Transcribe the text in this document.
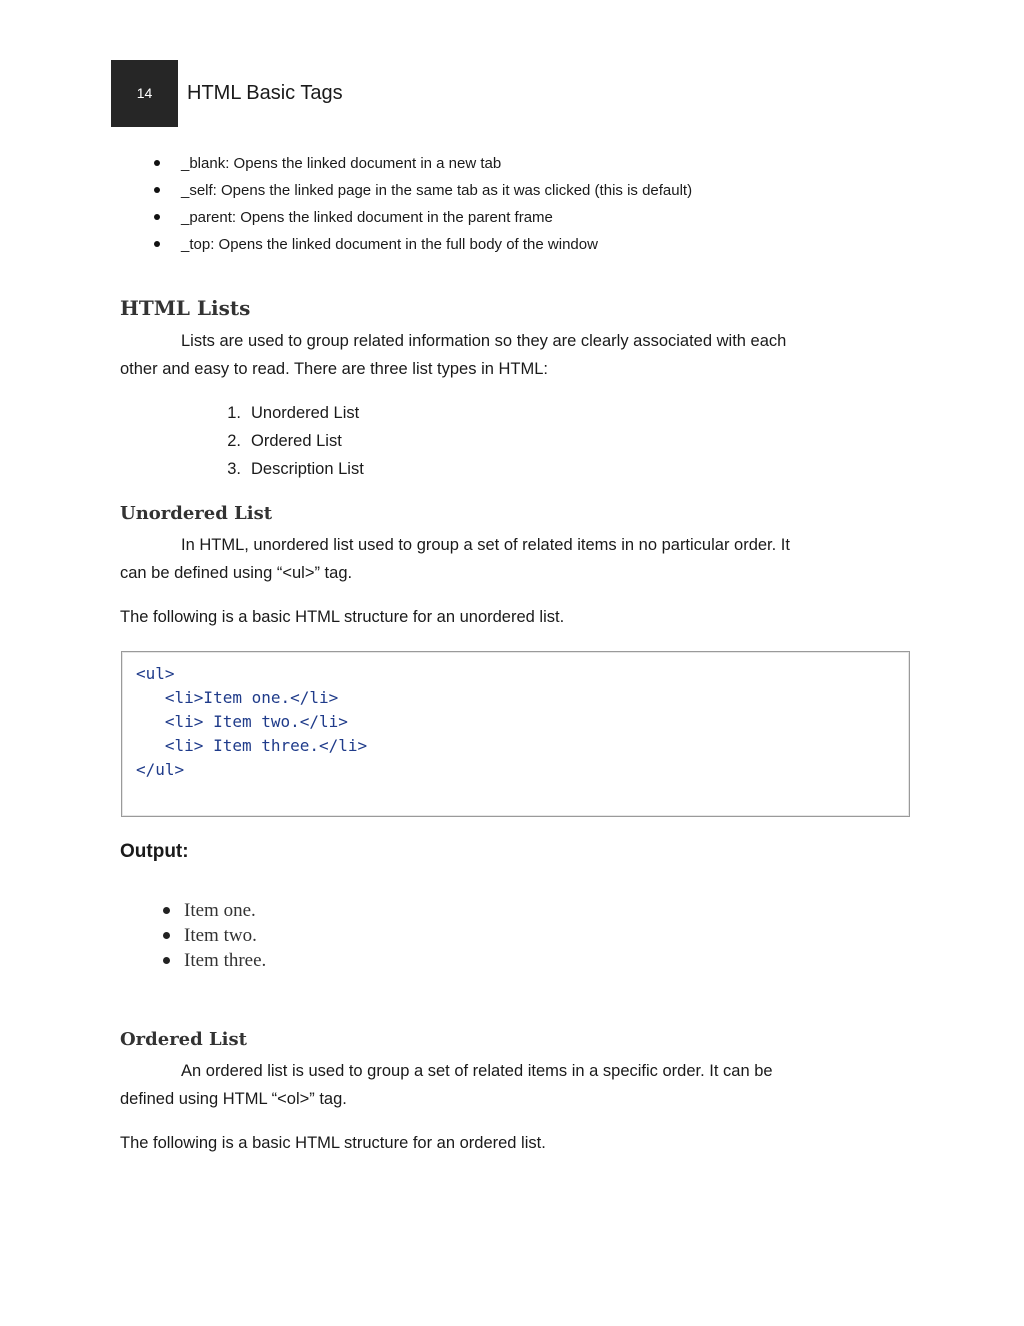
14 HTML Basic Tags
_blank: Opens the linked document in a new tab
_self: Opens the linked page in the same tab as it was clicked (this is default)
_parent: Opens the linked document in the parent frame
_top: Opens the linked document in the full body of the window
HTML Lists

Lists are used to group related information so they are clearly associated with each
other and easy to read. There are three list types in HTML:

1. Unordered List
2. Ordered List
3. Description List
Unordered List

In HTML, unordered list used to group a set of related items in no particular order. It
can be defined using “<ul>” tag.

The following is a basic HTML structure for an unordered list.

<ul>
<li>Item one.</li>
<li> Item two.</li>
<li> Item three.</li>
</ul>
Output:
Item one.
Item two.
Item three.
Ordered List

An ordered list is used to group a set of related items in a specific order. It can be
defined using HTML “<ol>” tag.

The following is a basic HTML structure for an ordered list.
